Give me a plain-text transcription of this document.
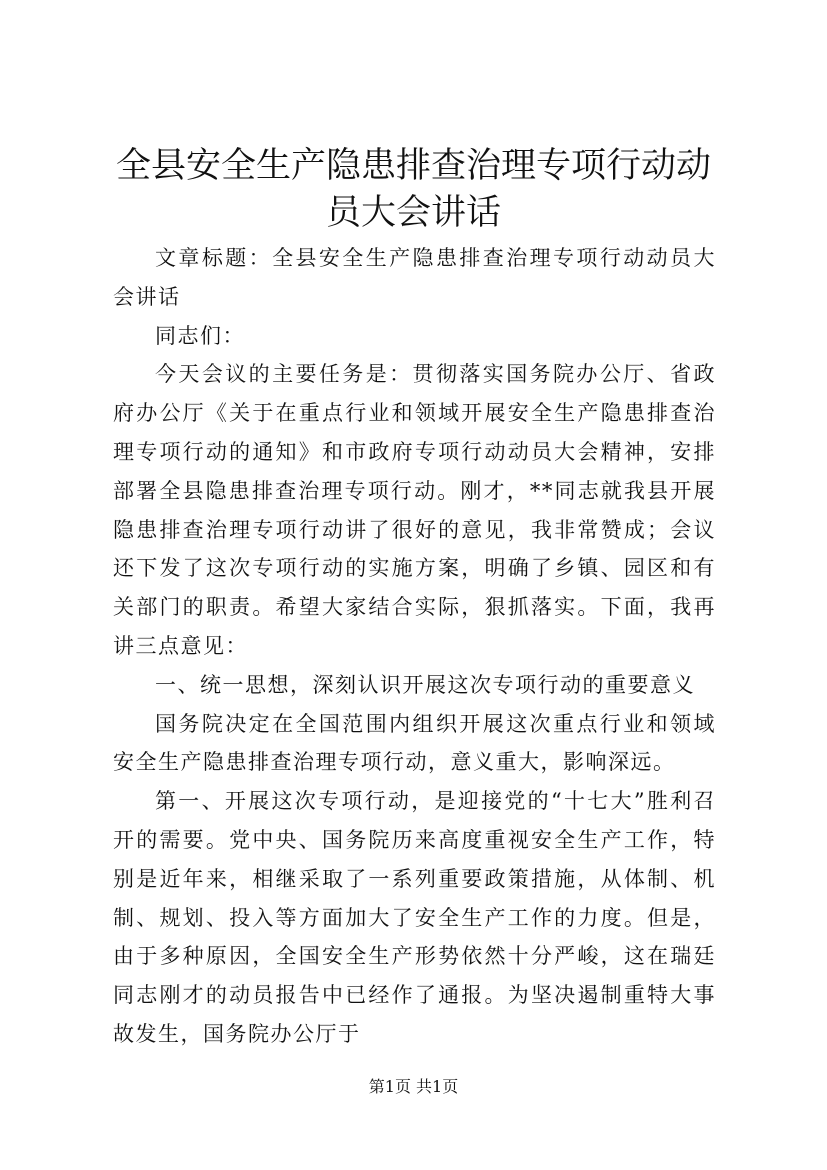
全县安全生产隐患排查治理专项行动动员大会讲话

文章标题：全县安全生产隐患排查治理专项行动动员大会讲话

同志们：

今天会议的主要任务是：贯彻落实国务院办公厅、省政府办公厅《关于在重点行业和领域开展安全生产隐患排查治理专项行动的通知》和市政府专项行动动员大会精神，安排部署全县隐患排查治理专项行动。刚才，**同志就我县开展隐患排查治理专项行动讲了很好的意见，我非常赞成；会议还下发了这次专项行动的实施方案，明确了乡镇、园区和有关部门的职责。希望大家结合实际，狠抓落实。下面，我再讲三点意见：

一、统一思想，深刻认识开展这次专项行动的重要意义

国务院决定在全国范围内组织开展这次重点行业和领域安全生产隐患排查治理专项行动，意义重大，影响深远。

第一、开展这次专项行动，是迎接党的“十七大”胜利召开的需要。党中央、国务院历来高度重视安全生产工作，特别是近年来，相继采取了一系列重要政策措施，从体制、机制、规划、投入等方面加大了安全生产工作的力度。但是，由于多种原因，全国安全生产形势依然十分严峻，这在瑞廷同志刚才的动员报告中已经作了通报。为坚决遏制重特大事故发生，国务院办公厅于

第1页 共1页
